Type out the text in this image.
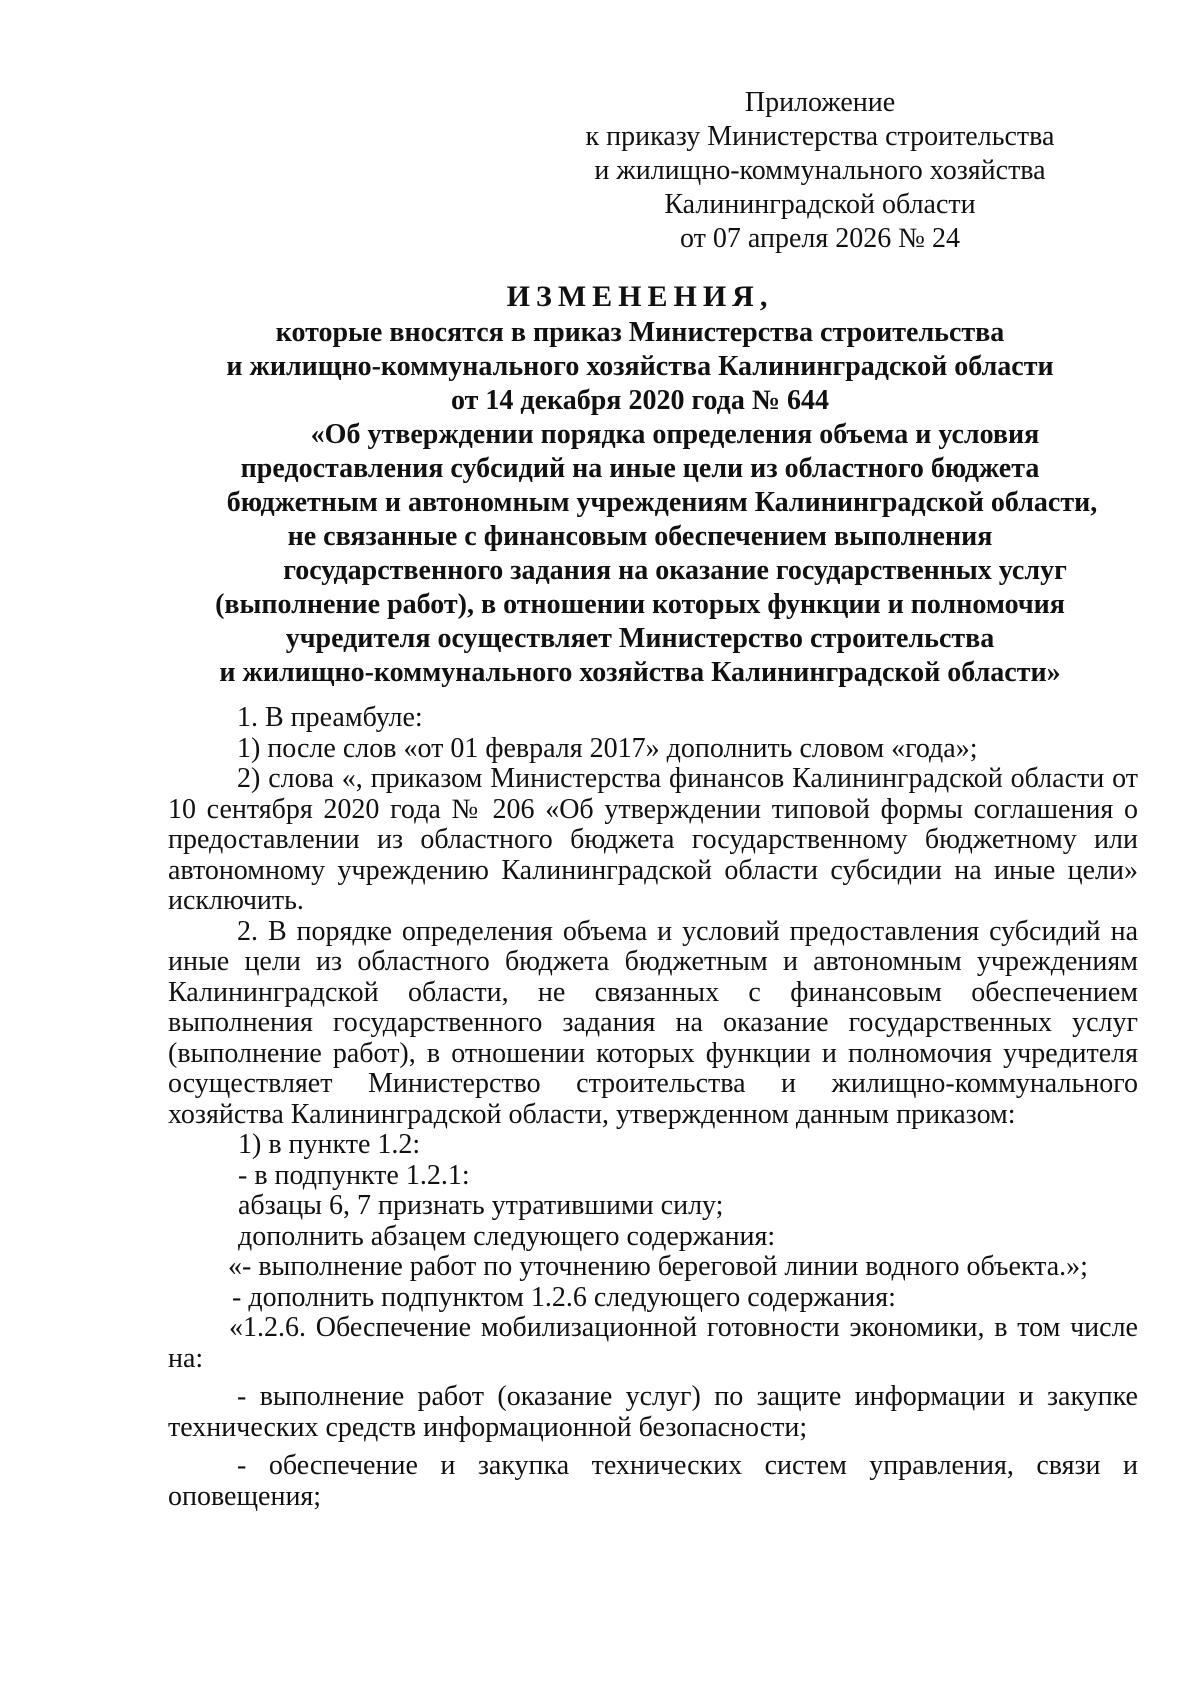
Приложение
к приказу Министерства строительства
и жилищно-коммунального хозяйства
Калининградской области
от 07 апреля 2026 № 24
ИЗМЕНЕНИЯ,
которые вносятся в приказ Министерства строительства
и жилищно-коммунального хозяйства Калининградской области
от 14 декабря 2020 года № 644
«Об утверждении порядка определения объема и условия
предоставления субсидий на иные цели из областного бюджета
бюджетным и автономным учреждениям Калининградской области,
не связанные с финансовым обеспечением выполнения
государственного задания на оказание государственных услуг
(выполнение работ), в отношении которых функции и полномочия
учредителя осуществляет Министерство строительства
и жилищно-коммунального хозяйства Калининградской области»
1. В преамбуле:
1) после слов «от 01 февраля 2017» дополнить словом «года»;
2) слова «, приказом Министерства финансов Калининградской области от 10 сентября 2020 года № 206 «Об утверждении типовой формы соглашения о предоставлении из областного бюджета государственному бюджетному или автономному учреждению Калининградской области субсидии на иные цели» исключить.
2. В порядке определения объема и условий предоставления субсидий на иные цели из областного бюджета бюджетным и автономным учреждениям Калининградской области, не связанных с финансовым обеспечением выполнения государственного задания на оказание государственных услуг (выполнение работ), в отношении которых функции и полномочия учредителя осуществляет Министерство строительства и жилищно-коммунального хозяйства Калининградской области, утвержденном данным приказом:
1) в пункте 1.2:
- в подпункте 1.2.1:
абзацы 6, 7 признать утратившими силу;
дополнить абзацем следующего содержания:
«- выполнение работ по уточнению береговой линии водного объекта.»;
- дополнить подпунктом 1.2.6 следующего содержания:
«1.2.6. Обеспечение мобилизационной готовности экономики, в том числе на:
- выполнение работ (оказание услуг) по защите информации и закупке технических средств информационной безопасности;
- обеспечение и закупка технических систем управления, связи и оповещения;
